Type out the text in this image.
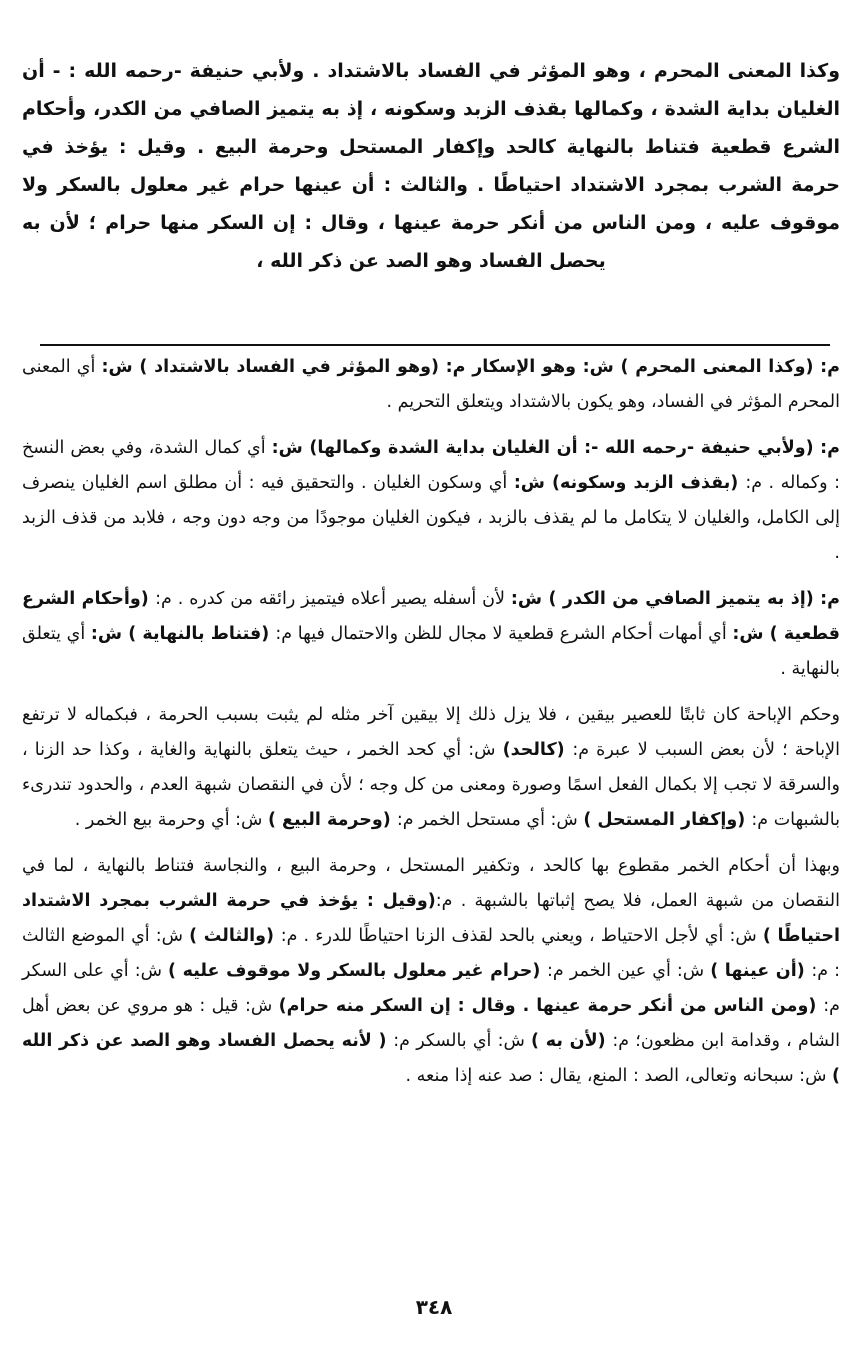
وكذا المعنى المحرم ، وهو المؤثر في الفساد بالاشتداد . ولأبي حنيفة -رحمه الله : - أن الغليان بداية الشدة ، وكمالها بقذف الزبد وسكونه ، إذ به يتميز الصافي من الكدر، وأحكام الشرع قطعية فتناط بالنهاية كالحد وإكفار المستحل وحرمة البيع . وقيل : يؤخذ في حرمة الشرب بمجرد الاشتداد احتياطًا . والثالث : أن عينها حرام غير معلول بالسكر ولا موقوف عليه ، ومن الناس من أنكر حرمة عينها ، وقال : إن السكر منها حرام ؛ لأن به يحصل الفساد وهو الصد عن ذكر الله ،

م: (وكذا المعنى المحرم ) ش: وهو الإسكار م: (وهو المؤثر في الفساد بالاشتداد ) ش: أي المعنى المحرم المؤثر في الفساد، وهو يكون بالاشتداد ويتعلق التحريم .

م: (ولأبي حنيفة -رحمه الله -: أن الغليان بداية الشدة وكمالها) ش: أي كمال الشدة، وفي بعض النسخ : وكماله . م: (بقذف الزبد وسكونه) ش: أي وسكون الغليان . والتحقيق فيه : أن مطلق اسم الغليان ينصرف إلى الكامل، والغليان لا يتكامل ما لم يقذف بالزبد ، فيكون الغليان موجودًا من وجه دون وجه ، فلابد من قذف الزبد .

م: (إذ به يتميز الصافي من الكدر ) ش: لأن أسفله يصير أعلاه فيتميز رائقه من كدره . م: (وأحكام الشرع قطعية ) ش: أي أمهات أحكام الشرع قطعية لا مجال للظن والاحتمال فيها م: (فتناط بالنهاية ) ش: أي يتعلق بالنهاية .

وحكم الإباحة كان ثابتًا للعصير بيقين ، فلا يزل ذلك إلا بيقين آخر مثله لم يثبت بسبب الحرمة ، فبكماله لا ترتفع الإباحة ؛ لأن بعض السبب لا عبرة م: (كالحد) ش: أي كحد الخمر ، حيث يتعلق بالنهاية والغاية ، وكذا حد الزنا ، والسرقة لا تجب إلا بكمال الفعل اسمًا وصورة ومعنى من كل وجه ؛ لأن في النقصان شبهة العدم ، والحدود تندرىء بالشبهات م: (وإكفار المستحل ) ش: أي مستحل الخمر م: (وحرمة البيع ) ش: أي وحرمة بيع الخمر .

وبهذا أن أحكام الخمر مقطوع بها كالحد ، وتكفير المستحل ، وحرمة البيع ، والنجاسة فتناط بالنهاية ، لما في النقصان من شبهة العمل، فلا يصح إثباتها بالشبهة . م:(وقيل : يؤخذ في حرمة الشرب بمجرد الاشتداد احتياطًا ) ش: أي لأجل الاحتياط ، ويعني بالحد لقذف الزنا احتياطًا للدرء . م: (والثالث ) ش: أي الموضع الثالث : م: (أن عينها ) ش: أي عين الخمر م: (حرام غير معلول بالسكر ولا موقوف عليه ) ش: أي على السكر م: (ومن الناس من أنكر حرمة عينها . وقال : إن السكر منه حرام) ش: قيل : هو مروي عن بعض أهل الشام ، وقدامة ابن مظعون؛ م: (لأن به ) ش: أي بالسكر م: ( لأنه يحصل الفساد وهو الصد عن ذكر الله ) ش: سبحانه وتعالى، الصد : المنع، يقال : صد عنه إذا منعه .

٣٤٨
